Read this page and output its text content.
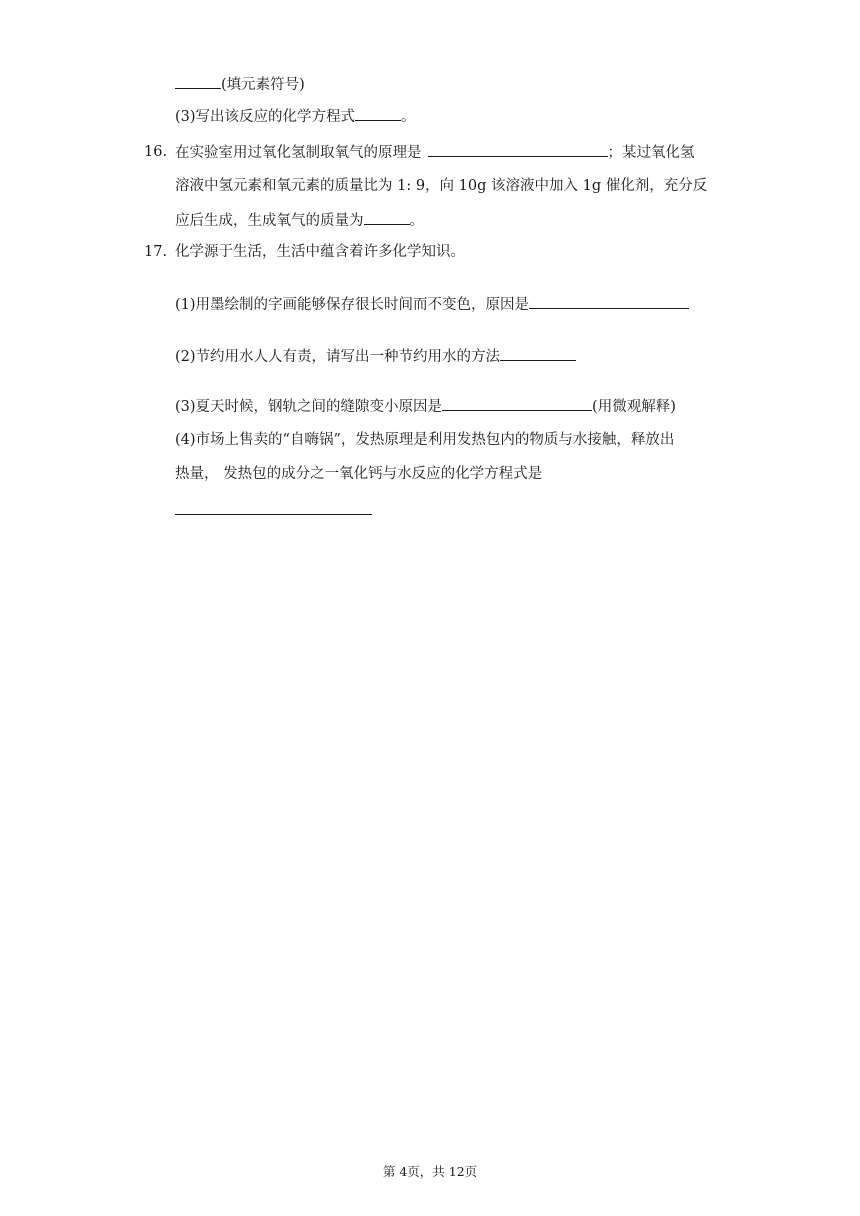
(填元素符号)
(3)写出该反应的化学方程式	。
16. 在实验室用过氧化氢制取氧气的原理是	；某过氧化氢
溶液中氢元素和氧元素的质量比为 1: 9，向 10g 该溶液中加入 1g 催化剂，充分反
应后生成，生成氧气的质量为	。
17. 化学源于生活，生活中蕴含着许多化学知识。
(1)用墨绘制的字画能够保存很长时间而不变色，原因是
(2)节约用水人人有责，请写出一种节约用水的方法
(3)夏天时候，钢轨之间的缝隙变小原因是	(用微观解释)
(4)市场上售卖的“自嗨锅”，发热原理是利用发热包内的物质与水接触，释放出
热量， 发热包的成分之一氧化钙与水反应的化学方程式是
第 4页，共 12页
